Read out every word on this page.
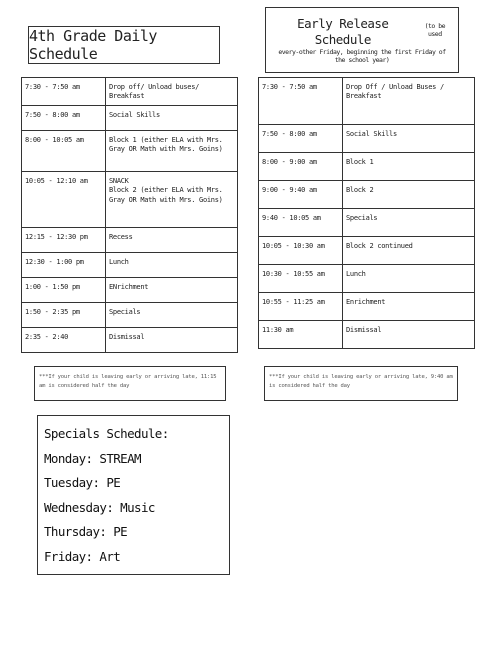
4th Grade Daily Schedule
Early Release Schedule
(to be used
every-other Friday, beginning the first Friday of the school year)
7:30 - 7:50 am	Drop off/ Unload buses/ Breakfast
7:50 - 8:00 am	Social Skills
8:00 - 10:05 am	Block 1 (either ELA with Mrs. Gray OR Math with Mrs. Goins)
10:05 - 12:10 am	SNACK
Block 2 (either ELA with Mrs. Gray OR Math with Mrs. Goins)
12:15 - 12:30 pm	Recess
12:30 - 1:00 pm	Lunch
1:00 - 1:50 pm	ENrichment
1:50 - 2:35 pm	Specials
2:35 - 2:40	Dismissal
7:30 - 7:50 am	Drop Off / Unload Buses / Breakfast
7:50 - 8:00 am	Social Skills
8:00 - 9:00 am	Block 1
9:00 - 9:40 am	Block 2
9:40 - 10:05 am	Specials
10:05 - 10:30 am	Block 2 continued
10:30 - 10:55 am	Lunch
10:55 - 11:25 am	Enrichment
11:30 am	Dismissal
***If your child is leaving early or arriving late, 11:15 am is considered half the day
***If your child is leaving early or arriving late, 9:40 am is considered half the day
Specials Schedule:
Monday: STREAM
Tuesday: PE
Wednesday: Music
Thursday: PE
Friday: Art
